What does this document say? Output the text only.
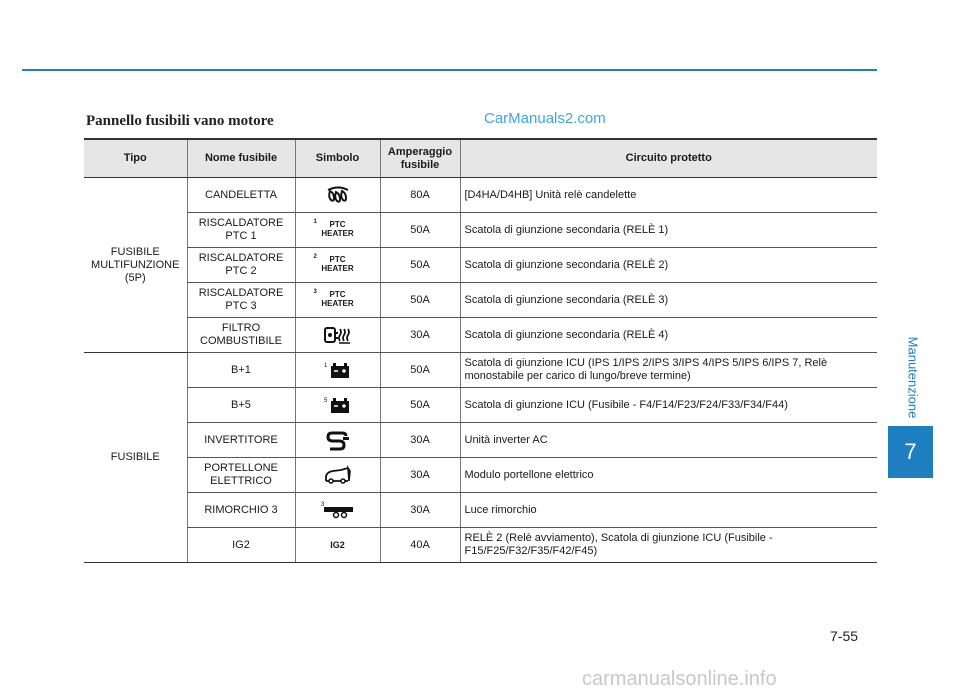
Pannello fusibili vano motore	CarManuals2.com
Manutenzione
7
Tipo	Nome fusibile	Simbolo	Amperaggio fusibile	Circuito protetto
FUSIBILE MULTIFUNZIONE (5P)	CANDELETTA		80A	[D4HA/D4HB] Unità relè candelette
	RISCALDATORE PTC 1	1 PTC HEATER	50A	Scatola di giunzione secondaria (RELÈ 1)
	RISCALDATORE PTC 2	2 PTC HEATER	50A	Scatola di giunzione secondaria (RELÈ 2)
	RISCALDATORE PTC 3	3 PTC HEATER	50A	Scatola di giunzione secondaria (RELÈ 3)
	FILTRO COMBUSTIBILE		30A	Scatola di giunzione secondaria (RELÈ 4)
FUSIBILE	B+1	1	50A	Scatola di giunzione ICU (IPS 1/IPS 2/IPS 3/IPS 4/IPS 5/IPS 6/IPS 7, Relè monostabile per carico di lungo/breve termine)
	B+5	5	50A	Scatola di giunzione ICU (Fusibile - F4/F14/F23/F24/F33/F34/F44)
	INVERTITORE		30A	Unità inverter AC
	PORTELLONE ELETTRICO		30A	Modulo portellone elettrico
	RIMORCHIO 3	3	30A	Luce rimorchio
	IG2	IG2	40A	RELÈ 2 (Relè avviamento), Scatola di giunzione ICU (Fusibile - F15/F25/F32/F35/F42/F45)
7-55
carmanualsonline.info
